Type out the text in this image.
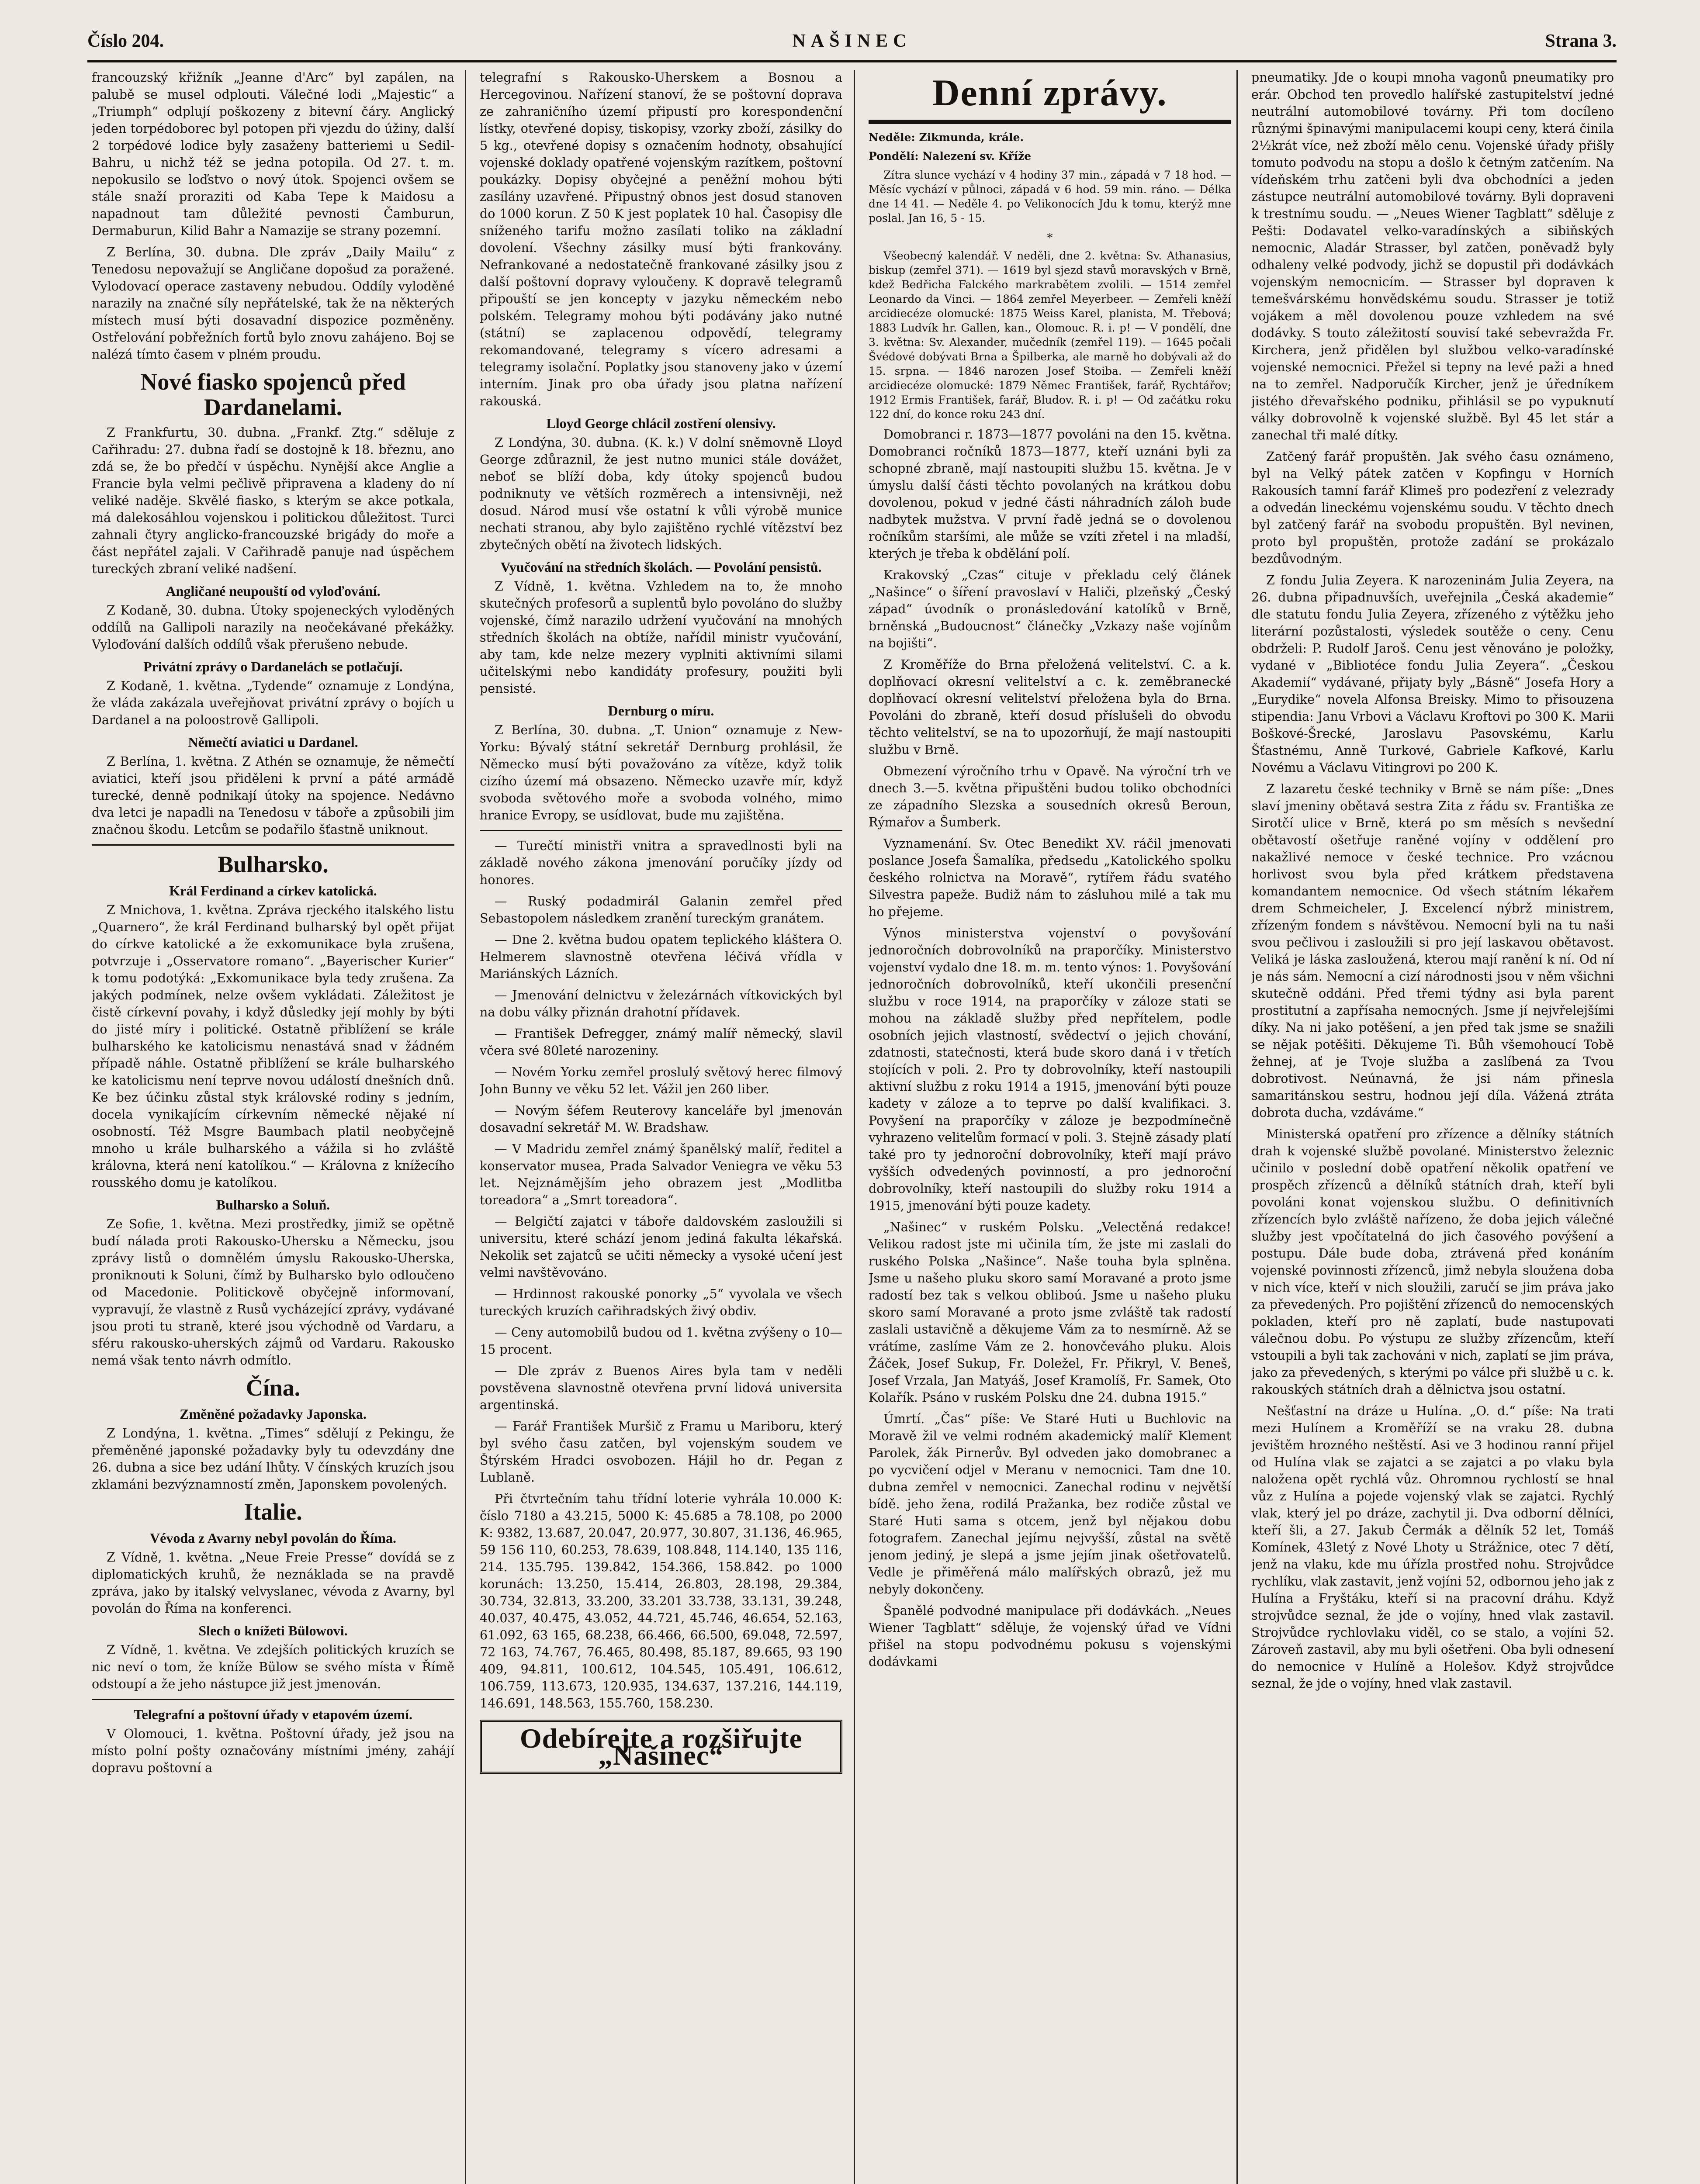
Číslo 204.	NAŠINEC	Strana 3.

francouzský křižník „Jeanne d'Arc“ byl zapálen, na palubě se musel odplouti. Válečné lodi „Majestic“ a „Triumph“ odplují poškozeny z bitevní čáry. Anglický jeden torpédoborec byl potopen při vjezdu do úžiny, další 2 torpédové lodice byly zasaženy batteriemi u Sedil-Bahru, u nichž též se jedna potopila. Od 27. t. m. nepokusilo se loďstvo o nový útok. Spojenci ovšem se stále snaží proraziti od Kaba Tepe k Maidosu a napadnout tam důležité pevnosti Čamburun, Dermaburun, Kilid Bahr a Namazije se strany pozemní.

Z Berlína, 30. dubna. Dle zpráv „Daily Mailu“ z Tenedosu nepovažují se Angličane dopošud za poražené. Vylodovací operace zastaveny nebudou. Oddíly vyloděné narazily na značné síly nepřátelské, tak že na některých místech musí býti dosavadní dispozice pozměněny. Ostřelování pobřežních fortů bylo znovu zahájeno. Boj se nalézá tímto časem v plném proudu.

Nové fiasko spojenců před Dardanelami.

Z Frankfurtu, 30. dubna. „Frankf. Ztg.“ sděluje z Cařihradu: 27. dubna řadí se dostojně k 18. březnu, ano zdá se, že bo předčí v úspěchu. Nynější akce Anglie a Francie byla velmi pečlivě připravena a kladeny do ní veliké naděje. Skvělé fiasko, s kterým se akce potkala, má dalekosáhlou vojenskou i politickou důležitost. Turci zahnali čtyry anglicko-francouzské brigády do moře a část nepřátel zajali. V Cařihradě panuje nad úspěchem tureckých zbraní veliké nadšení.

Angličané neupouští od vyloďování.

Z Kodaně, 30. dubna. Útoky spojeneckých vyloděných oddílů na Gallipoli narazily na neočekávané překážky. Vyloďování dalších oddílů však přerušeno nebude.

Privátní zprávy o Dardanelách se potlačují.

Z Kodaně, 1. května. „Tydende“ oznamuje z Londýna, že vláda zakázala uveřejňovat privátní zprávy o bojích u Dardanel a na poloostrově Gallipoli.

Němečtí aviatici u Dardanel.

Z Berlína, 1. května. Z Athén se oznamuje, že němečtí aviatici, kteří jsou přiděleni k první a páté armádě turecké, denně podnikají útoky na spojence. Nedávno dva letci je napadli na Tenedosu v táboře a způsobili jim značnou škodu. Letcům se podařilo šťastně uniknout.

Bulharsko.
Král Ferdinand a církev katolická.

Z Mnichova, 1. května. Zpráva rjeckého italského listu „Quarnero“, že král Ferdinand bulharský byl opět přijat do církve katolické a že exkomunikace byla zrušena, potvrzuje i „Osservatore romano“. „Bayerischer Kurier“ k tomu podotýká: „Exkomunikace byla tedy zrušena. Za jakých podmínek, nelze ovšem vykládati. Záležitost je čistě církevní povahy, i když důsledky její mohly by býti do jisté míry i politické. Ostatně přiblížení se krále bulharského ke katolicismu nenastává snad v žádném případě náhle. Ostatně přiblížení se krále bulharského ke katolicismu není teprve novou událostí dnešních dnů. Ke bez účinku zůstal styk královské rodiny s jedním, docela vynikajícím církevním německé nějaké ní osobností. Též Msgre Baumbach platil neobyčejně mnoho u krále bulharského a vážila si ho zvláště královna, která není katolíkou.“ — Královna z knížecího rousského domu je katolíkou.

Bulharsko a Soluň.

Ze Sofie, 1. května. Mezi prostředky, jimiž se opětně budí nálada proti Rakousko-Uhersku a Německu, jsou zprávy listů o domnělém úmyslu Rakousko-Uherska, proniknouti k Soluni, čímž by Bulharsko bylo odloučeno od Macedonie. Politickově obyčejně informovaní, vypravují, že vlastně z Rusů vycházející zprávy, vydávané jsou proti tu straně, které jsou východně od Vardaru, a sféru rakousko-uherských zájmů od Vardaru. Rakousko nemá však tento návrh odmítlo.

Čína.
Změněné požadavky Japonska.

Z Londýna, 1. května. „Times“ sdělují z Pekingu, že přeměněné japonské požadavky byly tu odevzdány dne 26. dubna a sice bez udání lhůty. V čínských kruzích jsou zklamáni bezvýznamností změn, Japonskem povolených.

Italie.
Vévoda z Avarny nebyl povolán do Říma.

Z Vídně, 1. května. „Neue Freie Presse“ dovídá se z diplomatických kruhů, že neznáklada se na pravdě zpráva, jako by italský velvyslanec, vévoda z Avarny, byl povolán do Říma na konferenci.

Slech o knížeti Bülowovi.

Z Vídně, 1. května. Ve zdejších politických kruzích se nic neví o tom, že kníže Bülow se svého místa v Římě odstoupí a že jeho nástupce již jest jmenován.

Telegrafní a poštovní úřady v etapovém území.

V Olomouci, 1. května. Poštovní úřady, jež jsou na místo polní pošty označovány místními jmény, zahájí dopravu poštovní a

telegrafní s Rakousko-Uherskem a Bosnou a Hercegovinou. Nařízení stanoví, že se poštovní doprava ze zahraničního území připustí pro korespondenční lístky, otevřené dopisy, tiskopisy, vzorky zboží, zásilky do 5 kg., otevřené dopisy s označením hodnoty, obsahující vojenské doklady opatřené vojenským razítkem, poštovní poukázky. Dopisy obyčejné a peněžní mohou býti zasílány uzavřené. Připustný obnos jest dosud stanoven do 1000 korun. Z 50 K jest poplatek 10 hal. Časopisy dle sníženého tarifu možno zasílati toliko na základní dovolení. Všechny zásilky musí býti frankovány. Nefrankované a nedostatečně frankované zásilky jsou z další poštovní dopravy vyloučeny. K dopravě telegramů připouští se jen koncepty v jazyku německém nebo polském. Telegramy mohou býti podávány jako nutné (státní) se zaplacenou odpovědí, telegramy rekomandované, telegramy s vícero adresami a telegramy isolační. Poplatky jsou stanoveny jako v území interním. Jinak pro oba úřady jsou platna nařízení rakouská.

Lloyd George chlácil zostření olensivy.

Z Londýna, 30. dubna. (K. k.) V dolní sněmovně Lloyd George zdůraznil, že jest nutno munici stále dovážet, neboť se blíží doba, kdy útoky spojenců budou podniknuty ve větších rozměrech a intensivněji, než dosud. Národ musí vše ostatní k vůli výrobě munice nechati stranou, aby bylo zajištěno rychlé vítězství bez zbytečných obětí na životech lidských.

Vyučování na středních školách. — Povolání pensistů.

Z Vídně, 1. května. Vzhledem na to, že mnoho skutečných profesorů a suplentů bylo povoláno do služby vojenské, čímž narazilo udržení vyučování na mnohých středních školách na obtíže, nařídil ministr vyučování, aby tam, kde nelze mezery vyplniti aktivními silami učitelskými nebo kandidáty profesury, použiti byli pensisté.

Dernburg o míru.

Z Berlína, 30. dubna. „T. Union“ oznamuje z New-Yorku: Bývalý státní sekretář Dernburg prohlásil, že Německo musí býti považováno za vítěze, když tolik cizího území má obsazeno. Německo uzavře mír, když svoboda světového moře a svoboda volného, mimo hranice Evropy, se usídlovat, bude mu zajištěna.

— Turečtí ministři vnitra a spravedlnosti byli na základě nového zákona jmenování poručíky jízdy od honores.

— Ruský podadmirál Galanin zemřel před Sebastopolem následkem zranění tureckým granátem.

— Dne 2. května budou opatem teplického kláštera O. Helmerem slavnostně otevřena léčivá vřídla v Mariánských Lázních.

— Jmenování delnictvu v železárnách vítkovických byl na dobu války přiznán drahotní přídavek.

— František Defregger, známý malíř německý, slavil včera své 80leté narozeniny.

— Novém Yorku zemřel proslulý světový herec filmový John Bunny ve věku 52 let. Vážil jen 260 liber.

— Novým šéfem Reuterovy kanceláře byl jmenován dosavadní sekretář M. W. Bradshaw.

— V Madridu zemřel známý španělský malíř, ředitel a konservator musea, Prada Salvador Veniegra ve věku 53 let. Nejznámějším jeho obrazem jest „Modlitba toreadora“ a „Smrt toreadora“.

— Belgičtí zajatci v táboře daldovském zasloužili si universitu, které schází jenom jediná fakulta lékařská. Nekolik set zajatců se učiti německy a vysoké učení jest velmi navštěvováno.

— Hrdinnost rakouské ponorky „5“ vyvolala ve všech tureckých kruzích cařihradských živý obdiv.

— Ceny automobilů budou od 1. května zvýšeny o 10—15 procent.

— Dle zpráv z Buenos Aires byla tam v neděli povstěvena slavnostně otevřena první lidová universita argentinská.

— Farář František Muršič z Framu u Mariboru, který byl svého času zatčen, byl vojenským soudem ve Štýrském Hradci osvobozen. Hájil ho dr. Pegan z Lublaně.

Při čtvrtečním tahu třídní loterie vyhrála 10.000 K: číslo 7180 a 43.215, 5000 K: 45.685 a 78.108, po 2000 K: 9382, 13.687, 20.047, 20.977, 30.807, 31.136, 46.965, 59 156 110, 60.253, 78.639, 108.848, 114.140, 135 116, 214. 135.795. 139.842, 154.366, 158.842. po 1000 korunách: 13.250, 15.414, 26.803, 28.198, 29.384, 30.734, 32.813, 33.200, 33.201 33.738, 33.131, 39.248, 40.037, 40.475, 43.052, 44.721, 45.746, 46.654, 52.163, 61.092, 63 165, 68.238, 66.466, 66.500, 69.048, 72.597, 72 163, 74.767, 76.465, 80.498, 85.187, 89.665, 93 190 409, 94.811, 100.612, 104.545, 105.491, 106.612, 106.759, 113.673, 120.935, 134.637, 137.216, 144.119, 146.691, 148.563, 155.760, 158.230.

Odebírejte a rozšiřujte „Našinec“
Denní zprávy.

Neděle: Zikmunda, krále.

Pondělí: Nalezení sv. Kříže

Zítra slunce vychází v 4 hodiny 37 min., západá v 7 18 hod. — Měsíc vychází v půlnoci, západá v 6 hod. 59 min. ráno. — Délka dne 14 41. — Neděle 4. po Velikonocích Jdu k tomu, kterýž mne poslal. Jan 16, 5 - 15.

*

Všeobecný kalendář. V neděli, dne 2. května: Sv. Athanasius, biskup (zemřel 371). — 1619 byl sjezd stavů moravských v Brně, kdež Bedřicha Falckého markrabětem zvolili. — 1514 zemřel Leonardo da Vinci. — 1864 zemřel Meyerbeer. — Zemřeli kněží arcidiecéze olomucké: 1875 Weiss Karel, planista, M. Třebová; 1883 Ludvík hr. Gallen, kan., Olomouc. R. i. p! — V pondělí, dne 3. května: Sv. Alexander, mučedník (zemřel 119). — 1645 počali Švédové dobývati Brna a Špilberka, ale marně ho dobývali až do 15. srpna. — 1846 narozen Josef Stoiba. — Zemřeli kněží arcidiecéze olomucké: 1879 Němec František, farář, Rychtářov; 1912 Ermis František, farář, Bludov. R. i. p! — Od začátku roku 122 dní, do konce roku 243 dní.

Domobranci r. 1873—1877 povoláni na den 15. května. Domobranci ročníků 1873—1877, kteří uznáni byli za schopné zbraně, mají nastoupiti službu 15. května. Je v úmyslu další části těchto povolaných na krátkou dobu dovolenou, pokud v jedné části náhradních záloh bude nadbytek mužstva. V první řadě jedná se o dovolenou ročníkům staršími, ale může se vzíti zřetel i na mladší, kterých je třeba k obdělání polí.

Krakovský „Czas“ cituje v překladu celý článek „Našince“ o šíření pravoslaví v Haliči, plzeňský „Český západ“ úvodník o pronásledování katolíků v Brně, brněnská „Budoucnost“ článečky „Vzkazy naše vojínům na bojišti“.

Z Kroměříže do Brna přeložená velitelství. C. a k. doplňovací okresní velitelství a c. k. zeměbranecké doplňovací okresní velitelství přeložena byla do Brna. Povoláni do zbraně, kteří dosud příslušeli do obvodu těchto velitelství, se na to upozorňují, že mají nastoupiti službu v Brně.

Obmezení výročního trhu v Opavě. Na výroční trh ve dnech 3.—5. května připuštěni budou toliko obchodníci ze západního Slezska a sousedních okresů Beroun, Rýmařov a Šumberk.

Vyznamenání. Sv. Otec Benedikt XV. ráčil jmenovati poslance Josefa Šamalíka, předsedu „Katolického spolku českého rolnictva na Moravě“, rytířem řádu svatého Silvestra papeže. Budiž nám to zásluhou milé a tak mu ho přejeme.

Výnos ministerstva vojenství o povyšování jednoročních dobrovolníků na praporčíky. Ministerstvo vojenství vydalo dne 18. m. m. tento výnos: 1. Povyšování jednoročních dobrovolníků, kteří ukončili presenční službu v roce 1914, na praporčíky v záloze stati se mohou na základě služby před nepřítelem, podle osobních jejich vlastností, svědectví o jejich chování, zdatnosti, statečnosti, která bude skoro daná i v třetích stojících v poli. 2. Pro ty dobrovolníky, kteří nastoupili aktivní službu z roku 1914 a 1915, jmenování býti pouze kadety v záloze a to teprve po další kvalifikaci. 3. Povyšení na praporčíky v záloze je bezpodmínečně vyhrazeno velitelům formací v poli. 3. Stejně zásady platí také pro ty jednoroční dobrovolníky, kteří mají právo vyšších odvedených povinností, a pro jednoroční dobrovolníky, kteří nastoupili do služby roku 1914 a 1915, jmenování býti pouze kadety.

„Našinec“ v ruském Polsku. „Velectěná redakce! Velikou radost jste mi učinila tím, že jste mi zaslali do ruského Polska „Našince“. Naše touha byla splněna. Jsme u našeho pluku skoro samí Moravané a proto jsme radostí bez tak s velkou obliboú. Jsme u našeho pluku skoro samí Moravané a proto jsme zvláště tak radostí zaslali ustavičně a děkujeme Vám za to nesmírně. Až se vrátíme, zaslíme Vám ze 2. honovčeváho pluku. Alois Žáček, Josef Sukup, Fr. Doležel, Fr. Přikryl, V. Beneš, Josef Vrzala, Jan Matyáš, Josef Kramolíš, Fr. Samek, Oto Kolařík. Psáno v ruském Polsku dne 24. dubna 1915.“

Úmrtí. „Čas“ píše: Ve Staré Huti u Buchlovic na Moravě žil ve velmi rodném akademický malíř Klement Parolek, žák Pirnerův. Byl odveden jako domobranec a po vycvičení odjel v Meranu v nemocnici. Tam dne 10. dubna zemřel v nemocnici. Zanechal rodinu v největší bídě. jeho žena, rodilá Pražanka, bez rodiče zůstal ve Staré Huti sama s otcem, jenž byl nějakou dobu fotografem. Zanechal jejímu nejvyšší, zůstal na světě jenom jediný, je slepá a jsme jejím jinak ošetřovatelů. Vedle je přiměřená málo malířských obrazů, jež mu nebyly dokončeny.

Španělé podvodné manipulace při dodávkách. „Neues Wiener Tagblatt“ sděluje, že vojenský úřad ve Vídni přišel na stopu podvodnému pokusu s vojenskými dodávkami

pneumatiky. Jde o koupi mnoha vagonů pneumatiky pro erár. Obchod ten provedlo halířské zastupitelství jedné neutrální automobilové továrny. Při tom docíleno různými špinavými manipulacemi koupi ceny, která činila 2½krát více, než zboží mělo cenu. Vojenské úřady přišly tomuto podvodu na stopu a došlo k četným zatčením. Na vídeňském trhu zatčeni byli dva obchodníci a jeden zástupce neutrální automobilové továrny. Byli dopraveni k trestnímu soudu. — „Neues Wiener Tagblatt“ sděluje z Pešti: Dodavatel velko-varadínských a sibiňských nemocnic, Aladár Strasser, byl zatčen, poněvadž byly odhaleny velké podvody, jichž se dopustil při dodávkách vojenským nemocnicím. — Strasser byl dopraven k temešvárskému honvědskému soudu. Strasser je totiž vojákem a měl dovolenou pouze vzhledem na své dodávky. S touto záležitostí souvisí také sebevražda Fr. Kirchera, jenž přidělen byl službou velko-varadínské vojenské nemocnici. Přežel si tepny na levé paži a hned na to zemřel. Nadporučík Kircher, jenž je úředníkem jistého dřevařského podniku, přihlásil se po vypuknutí války dobrovolně k vojenské službě. Byl 45 let stár a zanechal tři malé dítky.

Zatčený farář propuštěn. Jak svého času oznámeno, byl na Velký pátek zatčen v Kopfingu v Horních Rakousích tamní farář Klimeš pro podezření z velezrady a odvedán lineckému vojenskému soudu. V těchto dnech byl zatčený farář na svobodu propuštěn. Byl nevinen, proto byl propuštěn, protože zadání se prokázalo bezdůvodným.

Z fondu Julia Zeyera. K narozeninám Julia Zeyera, na 26. dubna připadnuvších, uveřejnila „Česká akademie“ dle statutu fondu Julia Zeyera, zřízeného z výtěžku jeho literární pozůstalosti, výsledek soutěže o ceny. Cenu obdrželi: P. Rudolf Jaroš. Cenu jest věnováno je položky, vydané v „Bibliotéce fondu Julia Zeyera“. „Českou Akademií“ vydávané, přijaty byly „Básně“ Josefa Hory a „Eurydike“ novela Alfonsa Breisky. Mimo to přisouzena stipendia: Janu Vrbovi a Václavu Kroftovi po 300 K. Marii Boškové-Šrecké, Jaroslavu Pasovskému, Karlu Šťastnému, Anně Turkové, Gabriele Kafkové, Karlu Novému a Václavu Vitingrovi po 200 K.

Z lazaretu české techniky v Brně se nám píše: „Dnes slaví jmeniny obětavá sestra Zita z řádu sv. Františka ze Sirotčí ulice v Brně, která po sm měsích s nevšední obětavostí ošetřuje raněné vojíny v oddělení pro nakažlivé nemoce v české technice. Pro vzácnou horlivost svou byla před krátkem představena komandantem nemocnice. Od všech státním lékařem drem Schmeicheler, J. Excelencí nýbrž ministrem, zřízeným fondem s návštěvou. Nemocní byli na tu naši svou pečlivou i zasloužili si pro její laskavou obětavost. Veliká je láska zasloužená, kterou mají ranění k ní. Od ní je nás sám. Nemocní a cizí národnosti jsou v něm všichni skutečně oddáni. Před třemi týdny asi byla parent prostitutní a zapřísaha nemocných. Jsme jí nejvřelejšími díky. Na ni jako potěšení, a jen před tak jsme se snažili se nějak potěšiti. Děkujeme Ti. Bůh všemohoucí Tobě žehnej, ať je Tvoje služba a zaslíbená za Tvou dobrotivost. Neúnavná, že jsi nám přinesla samaritánskou sestru, hodnou její díla. Vážená ztráta dobrota ducha, vzdáváme.“

Ministerská opatření pro zřízence a dělníky státních drah k vojenské službě povolané. Ministerstvo železnic učinilo v poslední době opatření několik opatření ve prospěch zřízenců a dělníků státních drah, kteří byli povoláni konat vojenskou službu. O definitivních zřízencích bylo zvláště nařízeno, že doba jejich válečné služby jest vpočítatelná do jich časového povýšení a postupu. Dále bude doba, ztrávená před konáním vojenské povinnosti zřízenců, jimž nebyla sloužena doba v nich více, kteří v nich sloužili, zaručí se jim práva jako za převedených. Pro pojištění zřízenců do nemocenských pokladen, kteří pro ně zaplatí, bude nastupovati válečnou dobu. Po výstupu ze služby zřízencům, kteří vstoupili a byli tak zachováni v nich, zaplatí se jim práva, jako za převedených, s kterými po válce při službě u c. k. rakouských státních drah a dělnictva jsou ostatní.

Nešťastní na dráze u Hulína. „O. d.“ píše: Na trati mezi Hulínem a Kroměříží se na vraku 28. dubna jevištěm hrozného neštěstí. Asi ve 3 hodinou ranní přijel od Hulína vlak se zajatci a se zajatci a po vlaku byla naložena opět rychlá vůz. Ohromnou rychlostí se hnal vůz z Hulína a pojede vojenský vlak se zajatci. Rychlý vlak, který jel po dráze, zachytil ji. Dva odborní dělníci, kteří šli, a 27. Jakub Čermák a dělník 52 let, Tomáš Komínek, 43letý z Nové Lhoty u Strážnice, otec 7 dětí, jenž na vlaku, kde mu úřízla prostřed nohu. Strojvůdce rychlíku, vlak zastavit, jenž vojíni 52, odbornou jeho jak z Hulína a Fryštáku, kteří si na pracovní dráhu. Když strojvůdce seznal, že jde o vojíny, hned vlak zastavil. Strojvůdce rychlovlaku viděl, co se stalo, a vojíni 52. Zároveň zastavil, aby mu byli ošetřeni. Oba byli odnesení do nemocnice v Hulíně a Holešov. Když strojvůdce seznal, že jde o vojíny, hned vlak zastavil.
